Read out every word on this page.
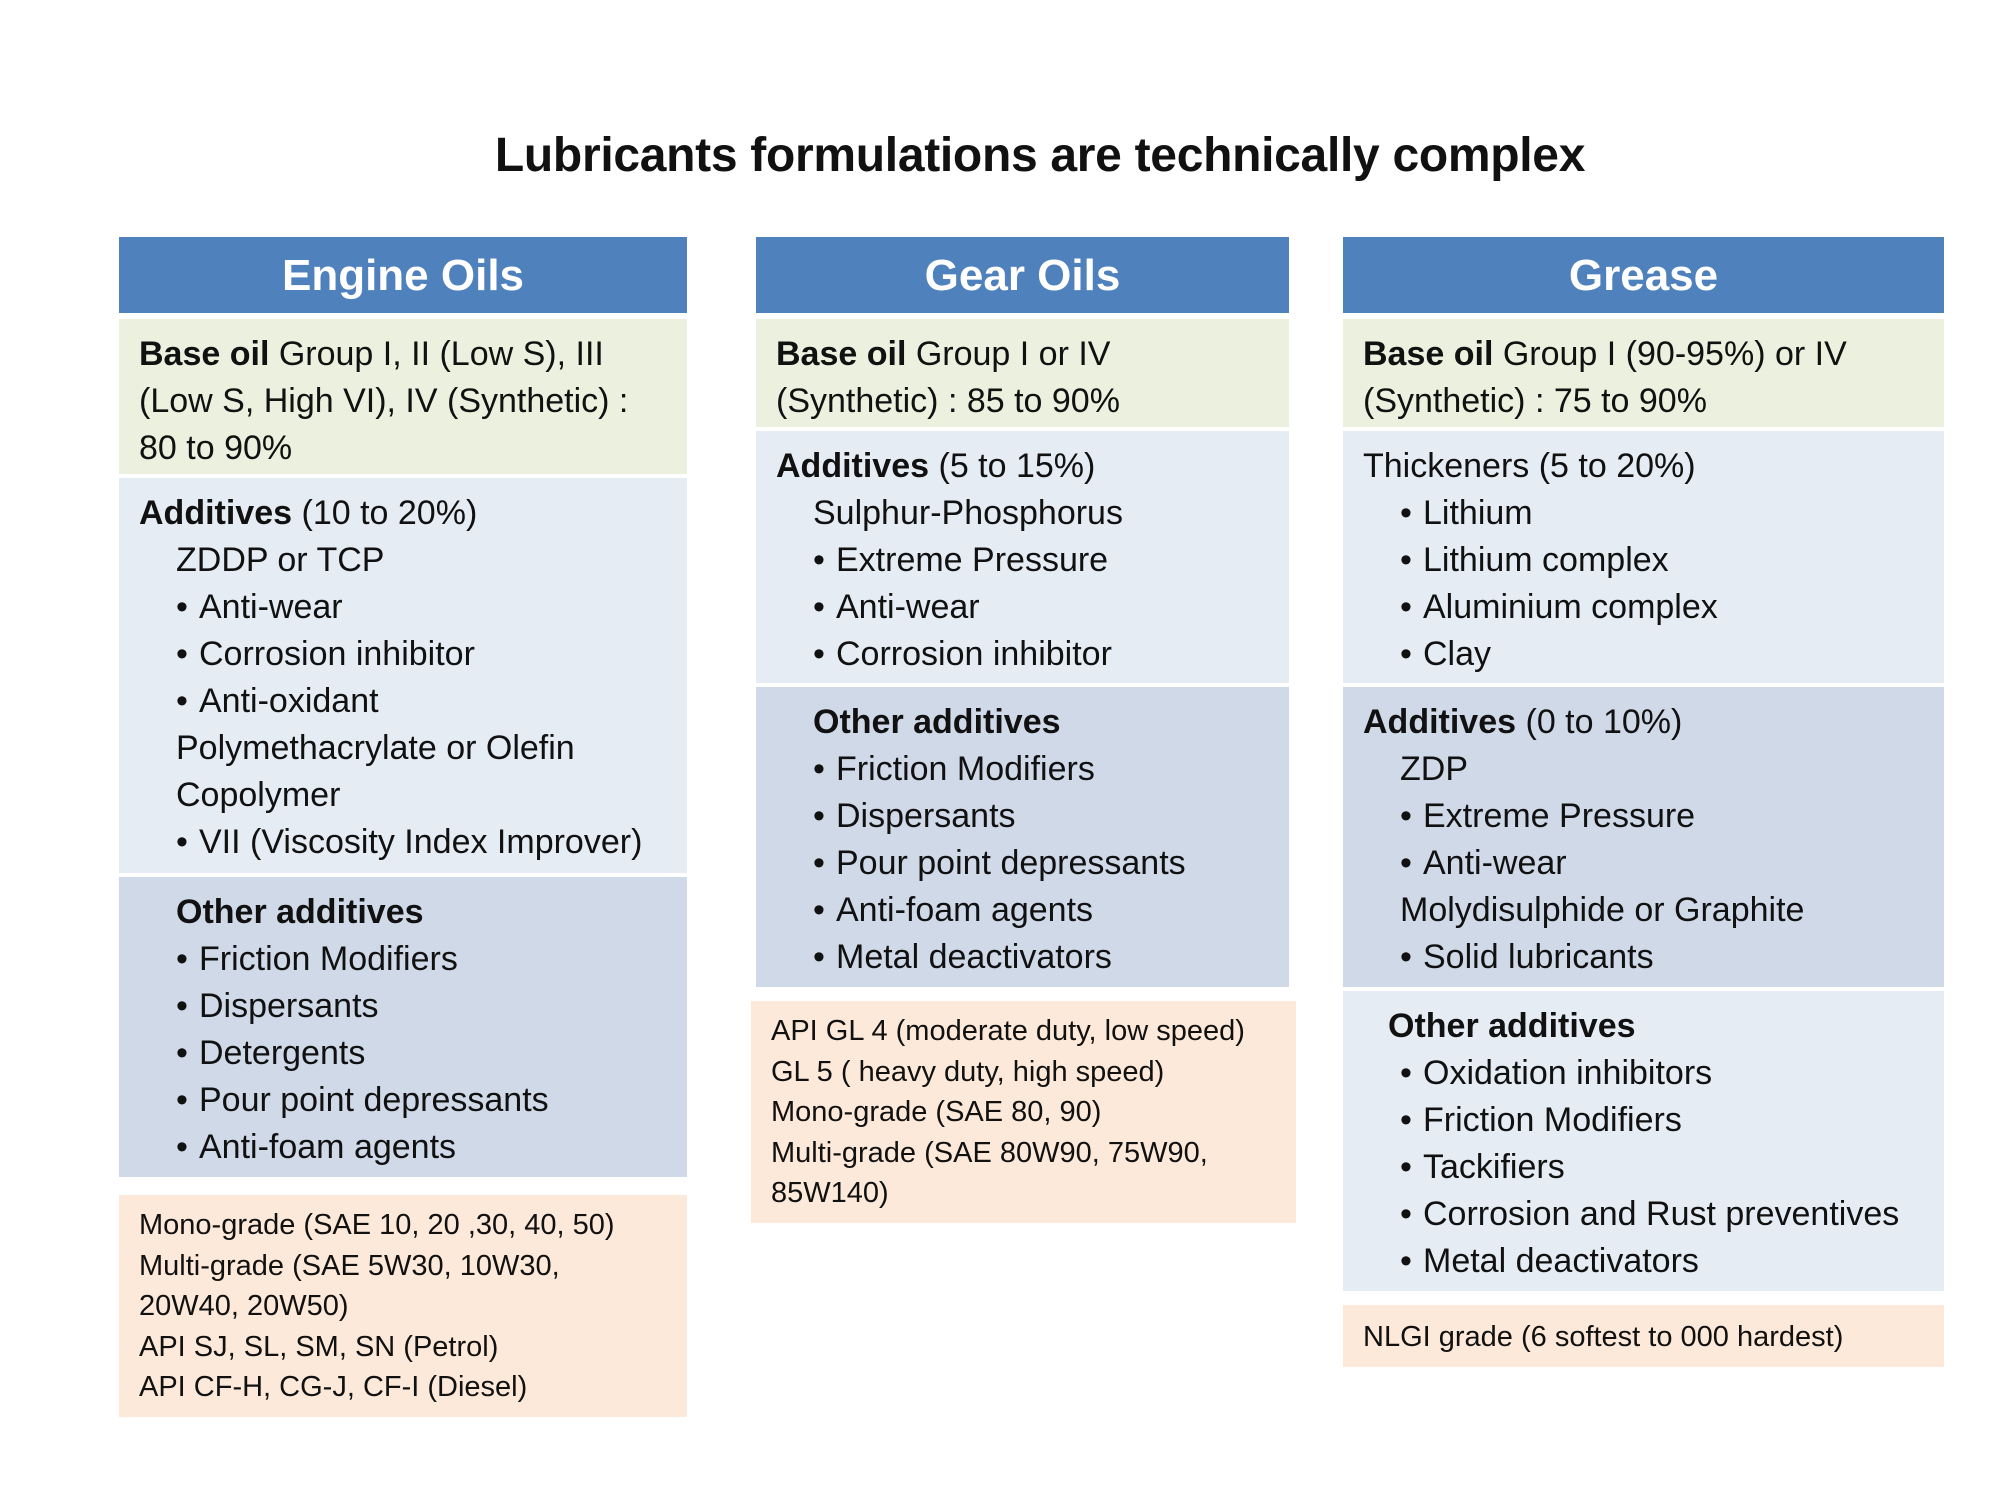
Lubricants formulations are technically complex
Engine Oils
Base oil Group I, II (Low S), III
(Low S, High VI), IV (Synthetic) :
80 to 90%
Additives (10 to 20%)
ZDDP or TCP
• Anti-wear
• Corrosion inhibitor
• Anti-oxidant
Polymethacrylate or Olefin
Copolymer
• VII (Viscosity Index Improver)
Other additives
• Friction Modifiers
• Dispersants
• Detergents
• Pour point depressants
• Anti-foam agents
Mono-grade (SAE 10, 20 ,30, 40, 50)
Multi-grade (SAE 5W30, 10W30,
20W40, 20W50)
API SJ, SL, SM, SN (Petrol)
API CF-H, CG-J, CF-I (Diesel)
Gear Oils
Base oil Group I or IV
(Synthetic) : 85 to 90%
Additives (5 to 15%)
Sulphur-Phosphorus
• Extreme Pressure
• Anti-wear
• Corrosion inhibitor
Other additives
• Friction Modifiers
• Dispersants
• Pour point depressants
• Anti-foam agents
• Metal deactivators
API GL 4 (moderate duty, low speed)
GL 5 ( heavy duty, high speed)
Mono-grade (SAE 80, 90)
Multi-grade (SAE 80W90, 75W90,
85W140)
Grease
Base oil Group I (90-95%) or IV
(Synthetic) : 75 to 90%
Thickeners (5 to 20%)
• Lithium
• Lithium complex
• Aluminium complex
• Clay
Additives (0 to 10%)
ZDP
• Extreme Pressure
• Anti-wear
Molydisulphide or Graphite
• Solid lubricants
Other additives
• Oxidation inhibitors
• Friction Modifiers
• Tackifiers
• Corrosion and Rust preventives
• Metal deactivators
NLGI grade (6 softest to 000 hardest)
